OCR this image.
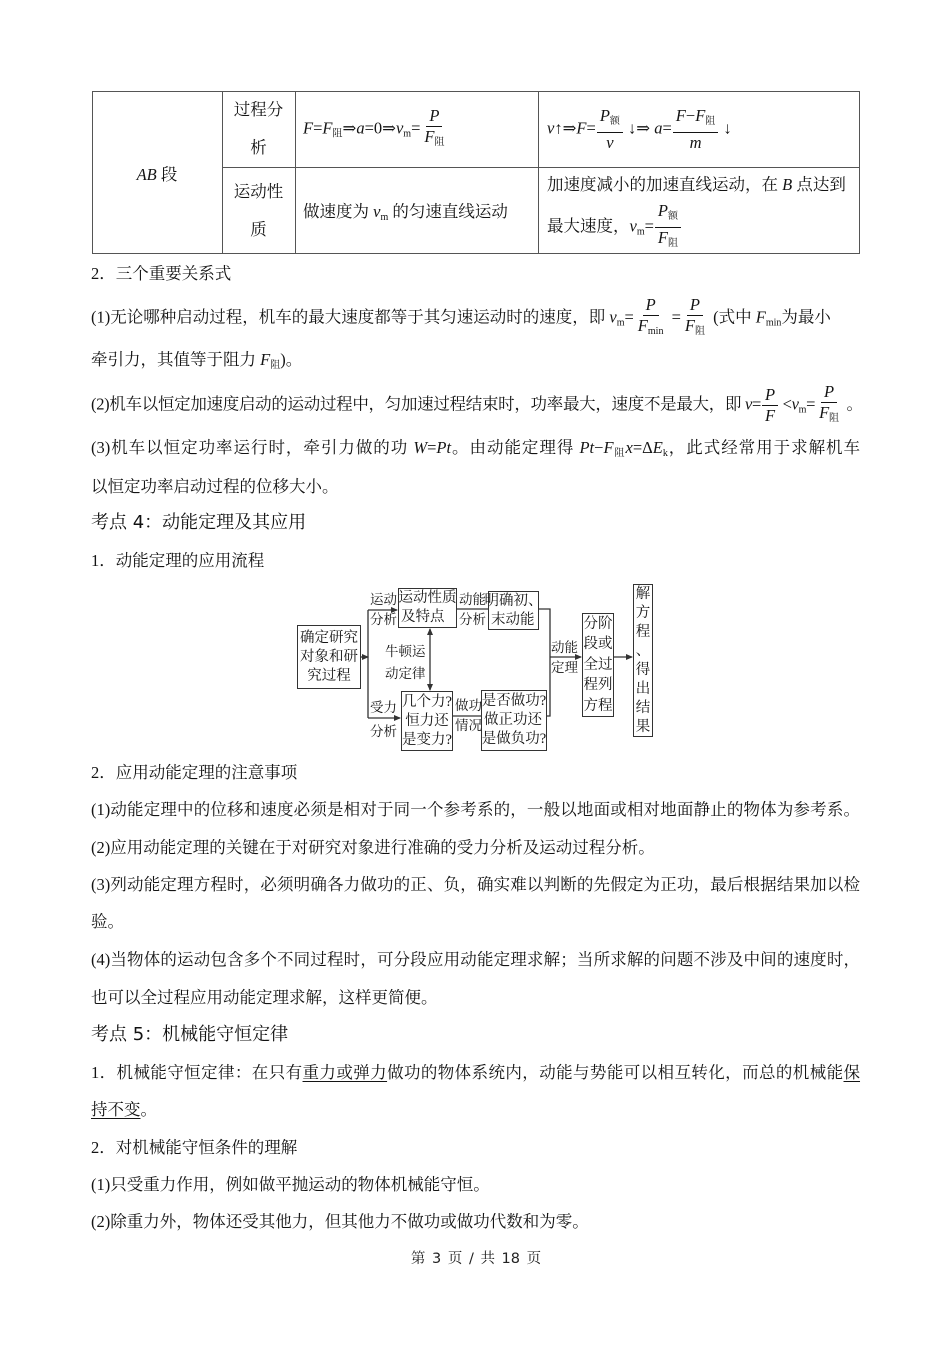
AB 段
过程分
析
F=F阻⇒a=0⇒vm=
P
F阻
v↑⇒F=
P额
v
↓⇒ a=
F−F阻
m
↓
运动性
质
做速度为 vm 的匀速直线运动
加速度减小的加速直线运动，在 B 点达到
最大速度，vm=
P额
F阻
2．三个重要关系式
(1)无论哪种启动过程，机车的最大速度都等于其匀速运动时的速度，即 vm=
P
Fmin
=
P
F阻
(式中 Fmin为最小
牵引力，其值等于阻力 F阻)。
(2)机车以恒定加速度启动的运动过程中，匀加速过程结束时，功率最大，速度不是最大，即 $v= \frac{P}{F} <vm=$
P
F阻
。
(3)机车以恒定功率运行时，牵引力做的功 W=Pt。由动能定理得 Pt−F阻x=ΔEk，此式经常用于求解机车
以恒定功率启动过程的位移大小。
考点 4：动能定理及其应用
1．动能定理的应用流程
确定研究
对象和研
究过程
运动性质
及特点
几个力?
恒力还
是变力?
明确初、
末动能
是否做功?
做正功还
是做负功?
分阶
段或
全过
程列
方程
解
方
程
、
得
出
结
果
运动
分析
牛顿运
动定律
受力
分析
动能
分析
做功
情况
动能
定理
2．应用动能定理的注意事项
(1)动能定理中的位移和速度必须是相对于同一个参考系的，一般以地面或相对地面静止的物体为参考系。
(2)应用动能定理的关键在于对研究对象进行准确的受力分析及运动过程分析。
(3)列动能定理方程时，必须明确各力做功的正、负，确实难以判断的先假定为正功，最后根据结果加以检
验。
(4)当物体的运动包含多个不同过程时，可分段应用动能定理求解；当所求解的问题不涉及中间的速度时，
也可以全过程应用动能定理求解，这样更简便。
考点 5：机械能守恒定律
1．机械能守恒定律：在只有重力或弹力做功的物体系统内，动能与势能可以相互转化，而总的机械能保
持不变。
2．对机械能守恒条件的理解
(1)只受重力作用，例如做平抛运动的物体机械能守恒。
(2)除重力外，物体还受其他力，但其他力不做功或做功代数和为零。
第 3 页 / 共 18 页
